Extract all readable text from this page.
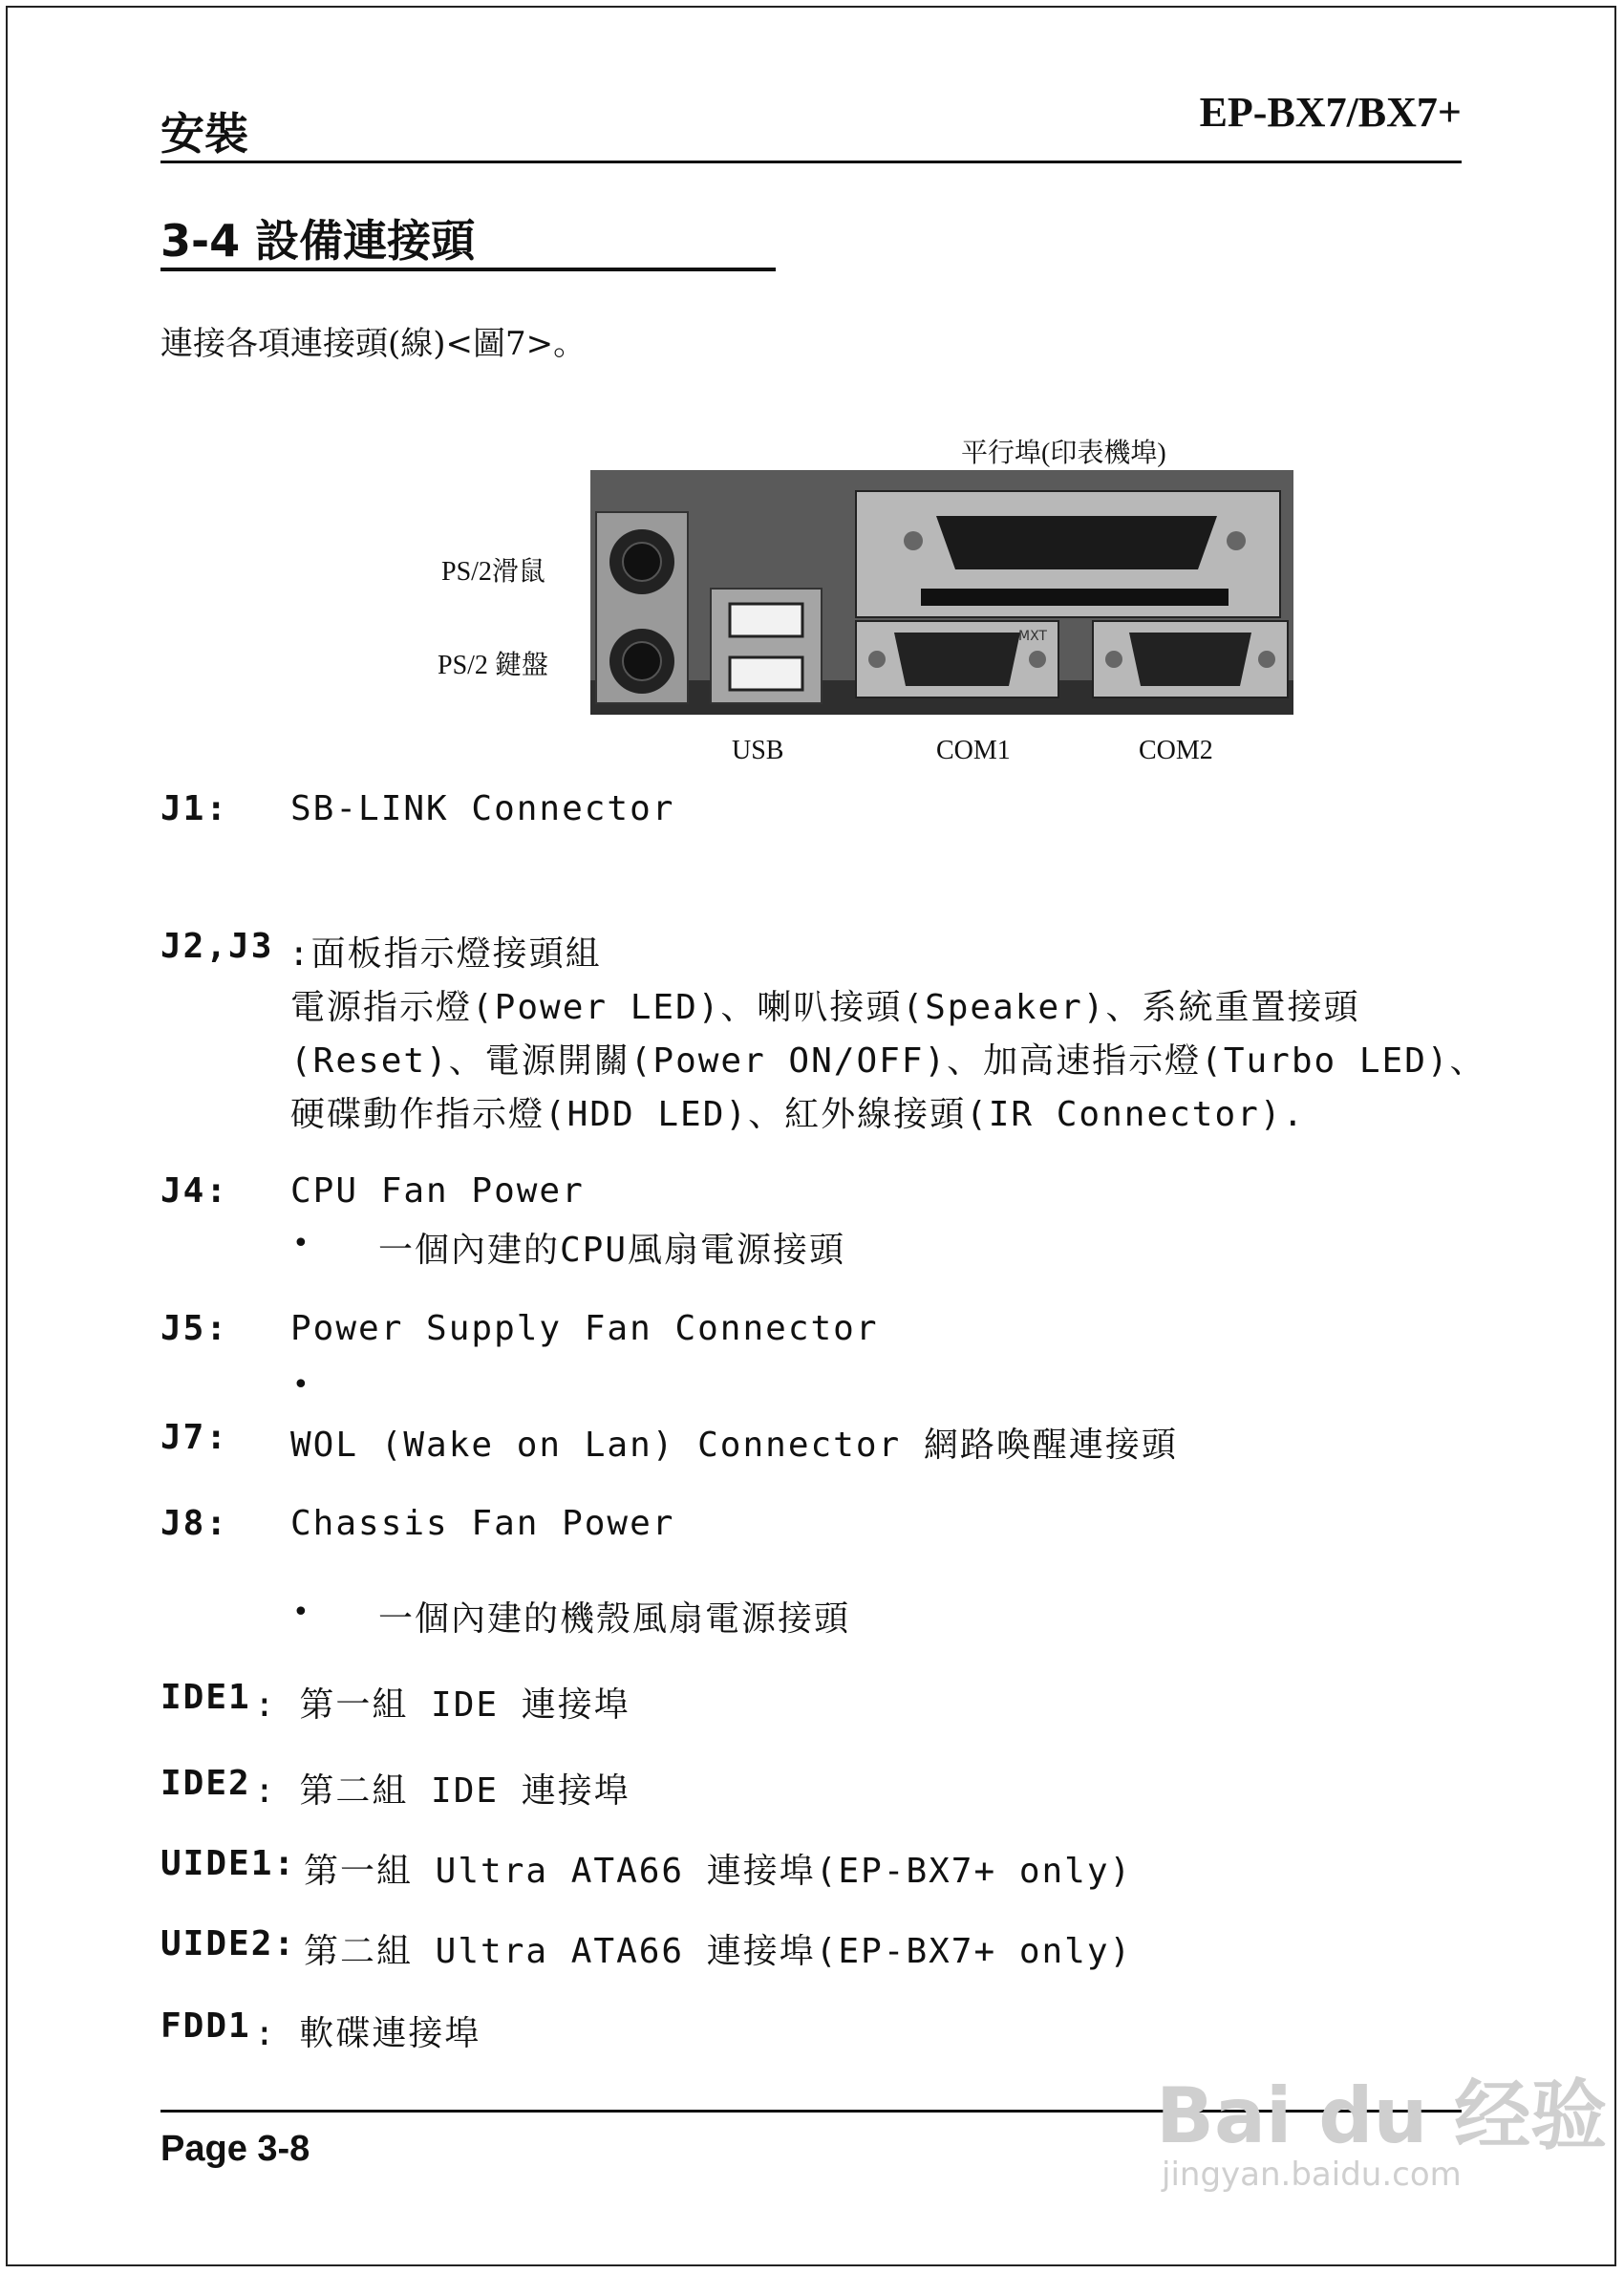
安裝	EP-BX7/BX7+
3-4 設備連接頭
連接各項連接頭(線)<圖7>。
平行埠(印表機埠)
PS/2滑鼠
PS/2 鍵盤
USB	COM1	COM2
MXT
J1: SB-LINK Connector
J2,J3 :面板指示燈接頭組
電源指示燈(Power LED)、喇叭接頭(Speaker)、系統重置接頭
(Reset)、電源開關(Power ON/OFF)、加高速指示燈(Turbo LED)、
硬碟動作指示燈(HDD LED)、紅外線接頭(IR Connector).
J4: CPU Fan Power
• 一個內建的CPU風扇電源接頭
J5: Power Supply Fan Connector
•
J7: WOL (Wake on Lan) Connector 網路喚醒連接頭
J8: Chassis Fan Power
• 一個內建的機殼風扇電源接頭
IDE1 : 第一組 IDE 連接埠
IDE2 : 第二組 IDE 連接埠
UIDE1: 第一組 Ultra ATA66 連接埠(EP-BX7+ only)
UIDE2: 第二組 Ultra ATA66 連接埠(EP-BX7+ only)
FDD1 : 軟碟連接埠
Page 3-8	Bai du 经验
jingyan.baidu.com
